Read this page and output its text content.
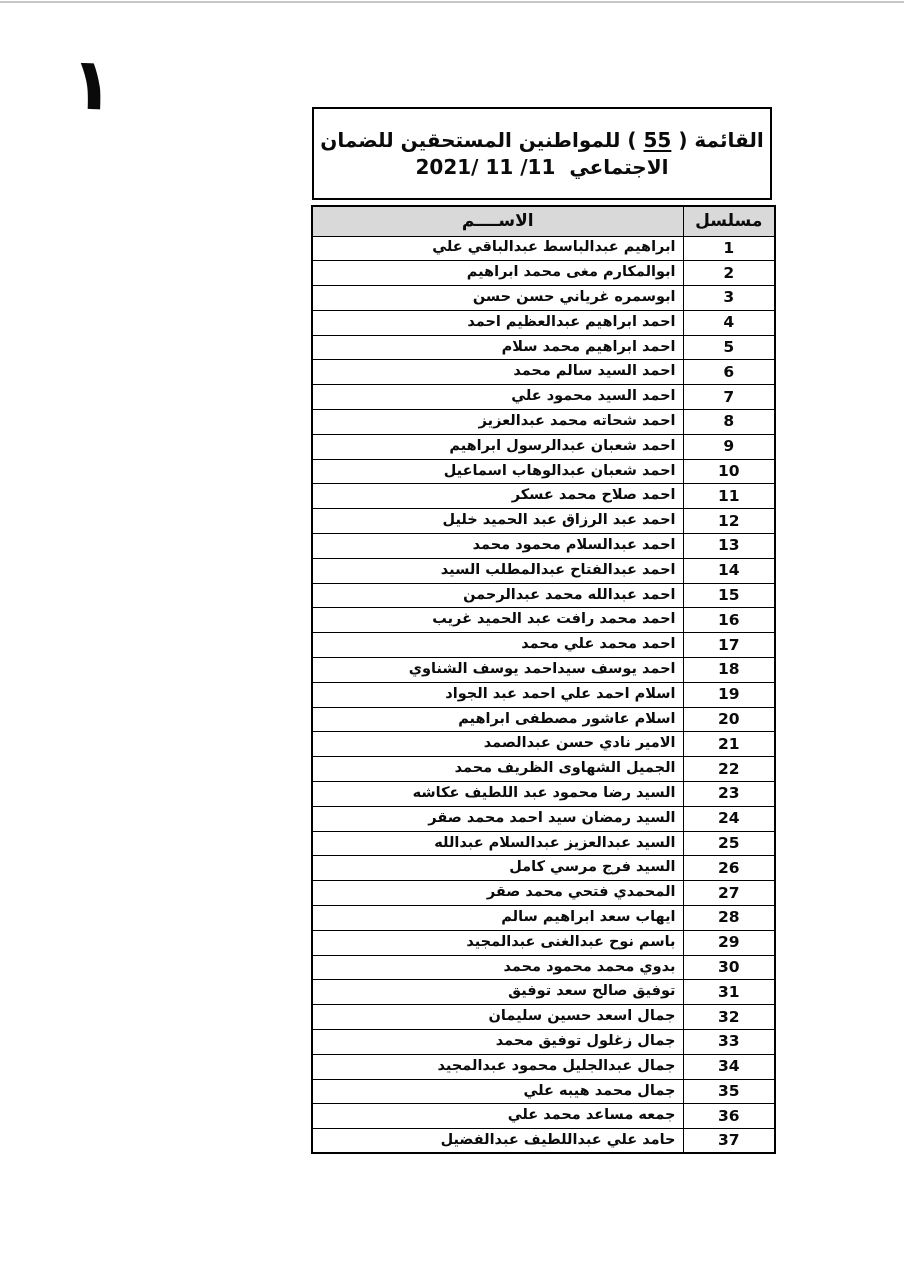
١
القائمة ( 55 ) للمواطنين المستحقين للضمان
الاجتماعي  2021/ 11 /11
مسلسل	الاســــم
1	ابراهيم عبدالباسط عبدالباقي علي
2	ابوالمكارم مغى محمد ابراهيم
3	ابوسمره غرياني حسن حسن
4	احمد ابراهيم عبدالعظيم احمد
5	احمد ابراهيم محمد سلام
6	احمد السيد سالم محمد
7	احمد السيد محمود علي
8	احمد شحاته محمد عبدالعزيز
9	احمد شعبان عبدالرسول ابراهيم
10	احمد شعبان عبدالوهاب اسماعيل
11	احمد صلاح محمد عسكر
12	احمد عبد الرزاق عبد الحميد خليل
13	احمد عبدالسلام محمود محمد
14	احمد عبدالفتاح عبدالمطلب السيد
15	احمد عبدالله محمد عبدالرحمن
16	احمد محمد رافت عبد الحميد غريب
17	احمد محمد علي محمد
18	احمد يوسف سيداحمد يوسف الشناوي
19	اسلام احمد علي احمد عبد الجواد
20	اسلام عاشور مصطفى ابراهيم
21	الامير نادي حسن عبدالصمد
22	الجميل الشهاوى الظريف محمد
23	السيد رضا محمود عبد اللطيف عكاشه
24	السيد رمضان سيد احمد محمد صقر
25	السيد عبدالعزيز عبدالسلام عبدالله
26	السيد فرج مرسي كامل
27	المحمدي فتحي محمد صقر
28	ايهاب سعد ابراهيم سالم
29	باسم نوح عبدالغنى عبدالمجيد
30	بدوي محمد محمود محمد
31	توفيق صالح سعد توفيق
32	جمال اسعد حسين سليمان
33	جمال زغلول توفيق محمد
34	جمال عبدالجليل محمود عبدالمجيد
35	جمال محمد هيبه علي
36	جمعه مساعد محمد علي
37	حامد علي عبداللطيف عبدالفضيل
